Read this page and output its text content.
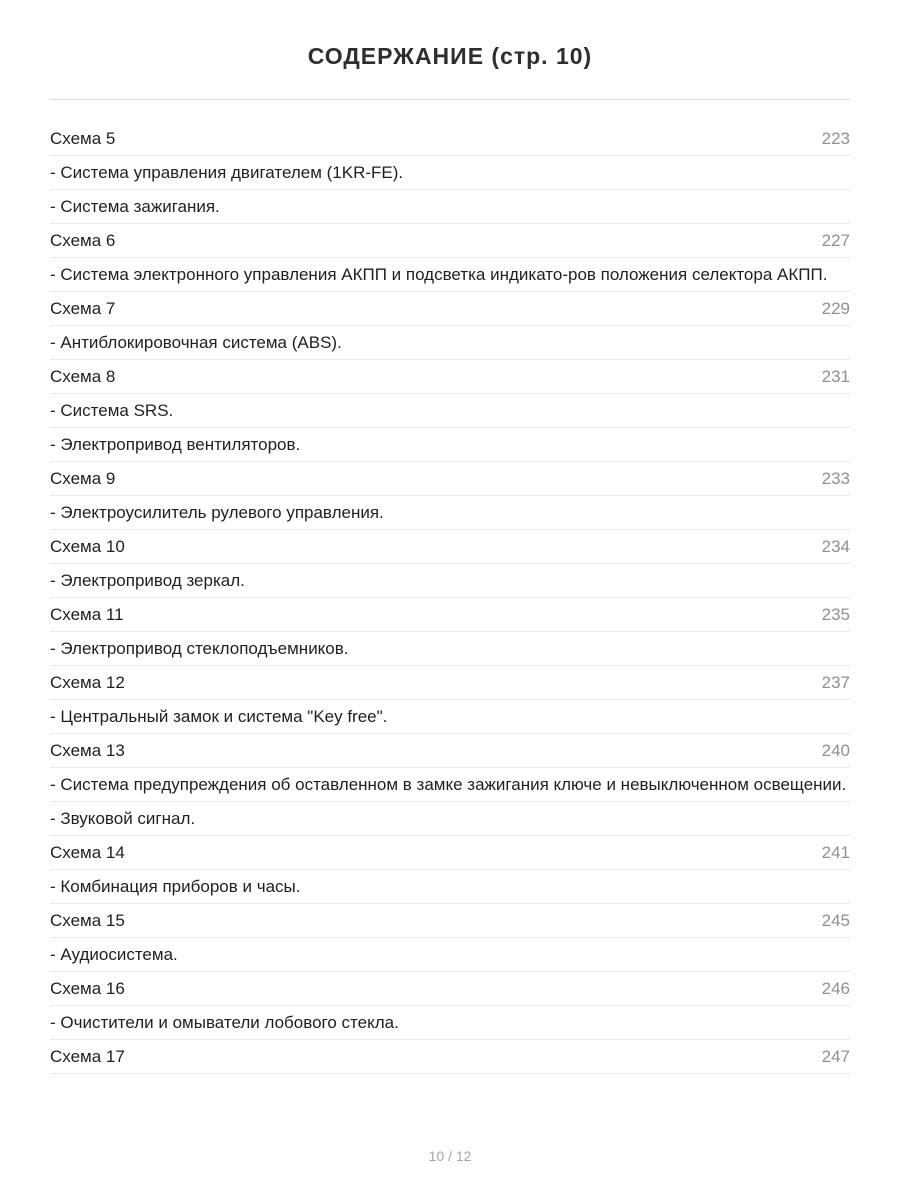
СОДЕРЖАНИЕ (стр. 10)
Схема 5	223
- Система управления двигателем (1KR-FE).
- Система зажигания.
Схема 6	227
- Система электронного управления АКПП и подсветка индикато-ров положения селектора АКПП.
Схема 7	229
- Антиблокировочная система (ABS).
Схема 8	231
- Система SRS.
- Электропривод вентиляторов.
Схема 9	233
- Электроусилитель рулевого управления.
Схема 10	234
- Электропривод зеркал.
Схема 11	235
- Электропривод стеклоподъемников.
Схема 12	237
- Центральный замок и система "Key free".
Схема 13	240
- Система предупреждения об оставленном в замке зажигания ключе и невыключенном освещении.
- Звуковой сигнал.
Схема 14	241
- Комбинация приборов и часы.
Схема 15	245
- Аудиосистема.
Схема 16	246
- Очистители и омыватели лобового стекла.
Схема 17	247
10 / 12
